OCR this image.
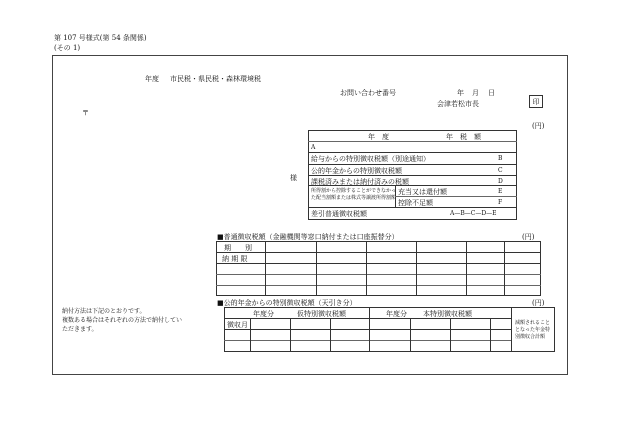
第 107 号様式(第 54 条関係)
(その 1)
年度 市民税・県民税・森林環境税
お問い合わせ番号	年 月 日
会津若松市長	印
〒
様
(円)
年　度	年　税　額
A
給与からの特別徴収税額（別途通知）	B
公的年金からの特別徴収税額	C
課税済みまたは納付済みの税額	D
所得割から控除することができなかっ
た配当割額または株式等譲渡所得割額
充当又は還付額	E
控除不足額	F
差引普通徴収税額	A—B—C—D—E
■普通徴収税額（金融機関等窓口納付または口座振替分）	(円)
期　　別
納 期 限
納付方法は下記のとおりです。
複数ある場合はそれぞれの方法で納付してい
ただきます。
■公的年金からの特別徴収税額（天引き分）	(円)
年度分	仮特別徴収税額	年度分 本特別徴収税額
徴収月	減額されること
となった年金特
別徴収合計額
